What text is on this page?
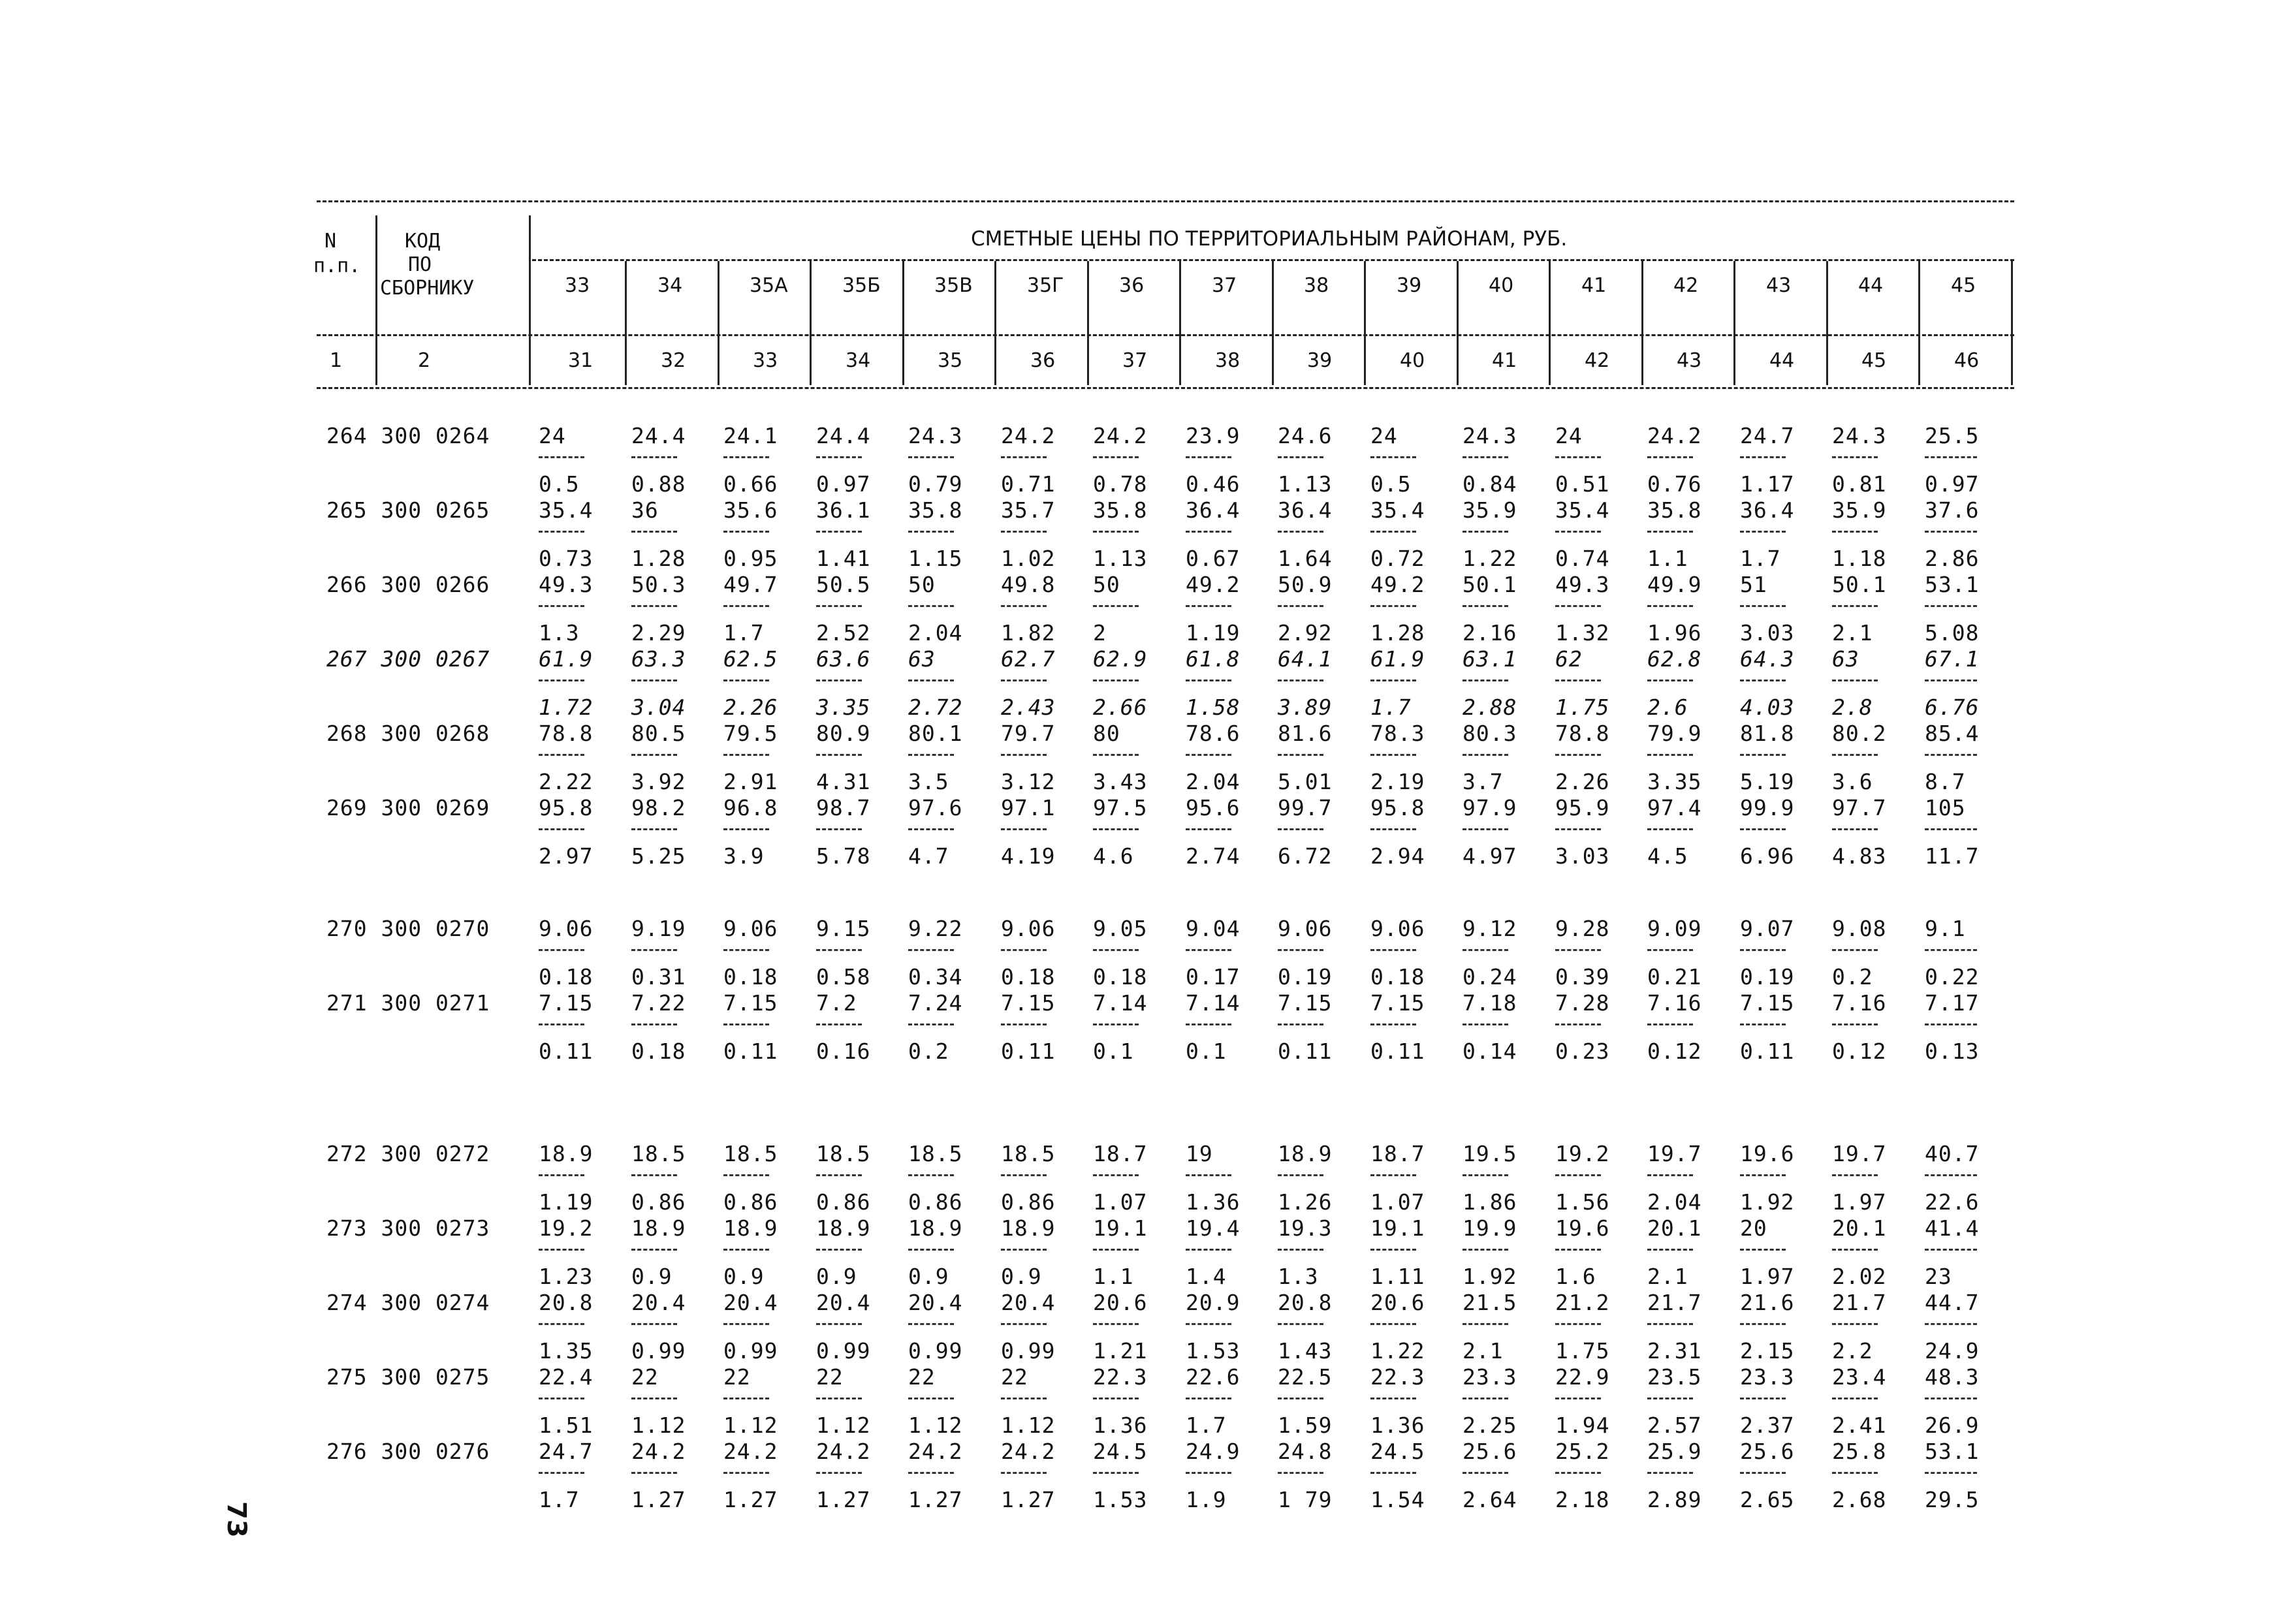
N
п.п.
КОД
ПО
СБОРНИКУ
СМЕТНЫЕ ЦЕНЫ ПО ТЕРРИТОРИАЛЬНЫМ РАЙОНАМ, РУБ.
1	2
33
31
34
32
35А
33
35Б
34
35В
35
35Г
36
36
37
37
38
38
39
39
40
40
41
41
42
42
43
43
44
44
45
45
46
264 300 0264 24
0.5
24.4
0.88
24.1
0.66
24.4
0.97
24.3
0.79
24.2
0.71
24.2
0.78
23.9
0.46
24.6
1.13
24
0.5
24.3
0.84
24
0.51
24.2
0.76
24.7
1.17
24.3
0.81
25.5
0.97
265 300 0265 35.4
0.73
36
1.28
35.6
0.95
36.1
1.41
35.8
1.15
35.7
1.02
35.8
1.13
36.4
0.67
36.4
1.64
35.4
0.72
35.9
1.22
35.4
0.74
35.8
1.1
36.4
1.7
35.9
1.18
37.6
2.86
266 300 0266 49.3
1.3
50.3
2.29
49.7
1.7
50.5
2.52
50
2.04
49.8
1.82
50
2
49.2
1.19
50.9
2.92
49.2
1.28
50.1
2.16
49.3
1.32
49.9
1.96
51
3.03
50.1
2.1
53.1
5.08
267 300 0267 61.9
1.72
63.3
3.04
62.5
2.26
63.6
3.35
63
2.72
62.7
2.43
62.9
2.66
61.8
1.58
64.1
3.89
61.9
1.7
63.1
2.88
62
1.75
62.8
2.6
64.3
4.03
63
2.8
67.1
6.76
268 300 0268 78.8
2.22
80.5
3.92
79.5
2.91
80.9
4.31
80.1
3.5
79.7
3.12
80
3.43
78.6
2.04
81.6
5.01
78.3
2.19
80.3
3.7
78.8
2.26
79.9
3.35
81.8
5.19
80.2
3.6
85.4
8.7
269 300 0269 95.8
2.97
98.2
5.25
96.8
3.9
98.7
5.78
97.6
4.7
97.1
4.19
97.5
4.6
95.6
2.74
99.7
6.72
95.8
2.94
97.9
4.97
95.9
3.03
97.4
4.5
99.9
6.96
97.7
4.83
105
11.7
270 300 0270 9.06
0.18
9.19
0.31
9.06
0.18
9.15
0.58
9.22
0.34
9.06
0.18
9.05
0.18
9.04
0.17
9.06
0.19
9.06
0.18
9.12
0.24
9.28
0.39
9.09
0.21
9.07
0.19
9.08
0.2
9.1
0.22
271 300 0271 7.15
0.11
7.22
0.18
7.15
0.11
7.2
0.16
7.24
0.2
7.15
0.11
7.14
0.1
7.14
0.1
7.15
0.11
7.15
0.11
7.18
0.14
7.28
0.23
7.16
0.12
7.15
0.11
7.16
0.12
7.17
0.13
272 300 0272 18.9
1.19
18.5
0.86
18.5
0.86
18.5
0.86
18.5
0.86
18.5
0.86
18.7
1.07
19
1.36
18.9
1.26
18.7
1.07
19.5
1.86
19.2
1.56
19.7
2.04
19.6
1.92
19.7
1.97
40.7
22.6
273 300 0273 19.2
1.23
18.9
0.9
18.9
0.9
18.9
0.9
18.9
0.9
18.9
0.9
19.1
1.1
19.4
1.4
19.3
1.3
19.1
1.11
19.9
1.92
19.6
1.6
20.1
2.1
20
1.97
20.1
2.02
41.4
23
274 300 0274 20.8
1.35
20.4
0.99
20.4
0.99
20.4
0.99
20.4
0.99
20.4
0.99
20.6
1.21
20.9
1.53
20.8
1.43
20.6
1.22
21.5
2.1
21.2
1.75
21.7
2.31
21.6
2.15
21.7
2.2
44.7
24.9
275 300 0275 22.4
1.51
22
1.12
22
1.12
22
1.12
22
1.12
22
1.12
22.3
1.36
22.6
1.7
22.5
1.59
22.3
1.36
23.3
2.25
22.9
1.94
23.5
2.57
23.3
2.37
23.4
2.41
48.3
26.9
276 300 0276 24.7
1.7
24.2
1.27
24.2
1.27
24.2
1.27
24.2
1.27
24.2
1.27
24.5
1.53
24.9
1.9
24.8
1 79
24.5
1.54
25.6
2.64
25.2
2.18
25.9
2.89
25.6
2.65
25.8
2.68
53.1
29.5
73
